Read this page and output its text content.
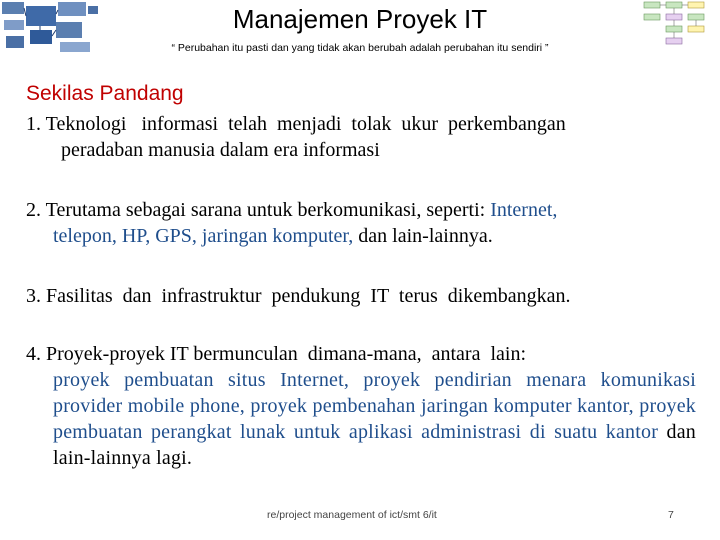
Manajemen Proyek IT
“ Perubahan itu pasti dan yang tidak akan berubah adalah perubahan itu sendiri ”
Sekilas Pandang
1. Teknologi   informasi  telah  menjadi  tolak  ukur  perkembangan
peradaban manusia dalam era informasi
2. Terutama sebagai sarana untuk berkomunikasi, seperti: Internet,
telepon, HP, GPS, jaringan komputer, dan lain-lainnya.
3. Fasilitas  dan  infrastruktur  pendukung  IT  terus  dikembangkan.
4. Proyek-proyek IT bermunculan  dimana-mana,  antara  lain:
proyek pembuatan situs Internet, proyek pendirian menara komunikasi provider mobile phone, proyek pembenahan jaringan komputer kantor, proyek pembuatan perangkat lunak untuk aplikasi administrasi di suatu kantor dan lain-lainnya lagi.
re/project management of ict/smt 6/it	7
